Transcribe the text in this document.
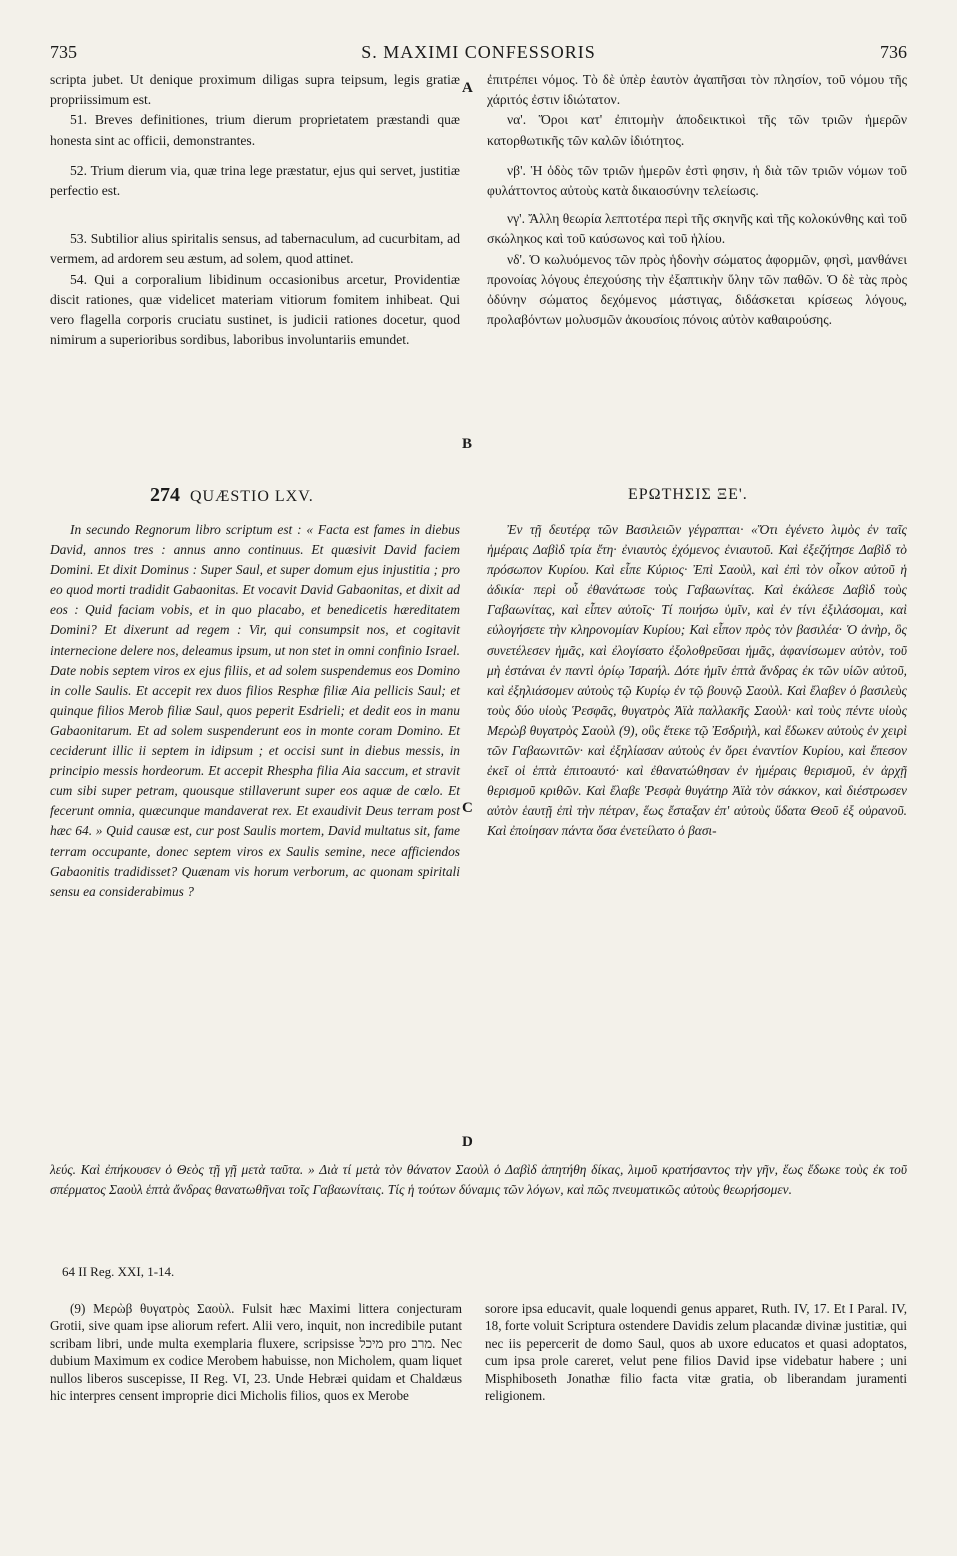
735	S. MAXIMI CONFESSORIS	736

scripta jubet. Ut denique proximum diligas supra teipsum, legis gratiæ propriissimum est.

51. Breves definitiones, trium dierum proprietatem præstandi quæ honesta sint ac officii, demonstrantes.

52. Trium dierum via, quæ trina lege præstatur, ejus qui servet, justitiæ perfectio est.

53. Subtilior alius spiritalis sensus, ad tabernaculum, ad cucurbitam, ad vermem, ad ardorem seu æstum, ad solem, quod attinet.

54. Qui a corporalium libidinum occasionibus arcetur, Providentiæ discit rationes, quæ videlicet materiam vitiorum fomitem inhibeat. Qui vero flagella corporis cruciatu sustinet, is judicii rationes docetur, quod nimirum a superioribus sordibus, laboribus involuntariis emundet.

ἐπιτρέπει νόμος. Τὸ δὲ ὑπὲρ ἑαυτὸν ἀγαπῆσαι τὸν πλησίον, τοῦ νόμου τῆς χάριτός ἐστιν ἰδιώτατον.

να'. Ὅροι κατ' ἐπιτομὴν ἀποδεικτικοὶ τῆς τῶν τριῶν ἡμερῶν κατορθωτικῆς τῶν καλῶν ἰδιότητος.

νβ'. Ἡ ὁδὸς τῶν τριῶν ἡμερῶν ἐστὶ φησιν, ἡ διὰ τῶν τριῶν νόμων τοῦ φυλάττοντος αὐτοὺς κατὰ δικαιοσύνην τελείωσις.

νγ'. Ἄλλη θεωρία λεπτοτέρα περὶ τῆς σκηνῆς καὶ τῆς κολοκύνθης καὶ τοῦ σκώληκος καὶ τοῦ καύσωνος καὶ τοῦ ἡλίου.

νδ'. Ὁ κωλυόμενος τῶν πρὸς ἡδονὴν σώματος ἀφορμῶν, φησὶ, μανθάνει προνοίας λόγους ἐπεχούσης τὴν ἐξαπτικὴν ὕλην τῶν παθῶν. Ὁ δὲ τὰς πρὸς ὀδύνην σώματος δεχόμενος μάστιγας, διδάσκεται κρίσεως λόγους, προλαβόντων μολυσμῶν ἀκουσίοις πόνοις αὐτὸν καθαιρούσης.

A
B
C
D
274 QUÆSTIO LXV.	ΕΡΩΤΗΣΙΣ ΞΕ'.

In secundo Regnorum libro scriptum est : « Facta est fames in diebus David, annos tres : annus anno continuus. Et quæsivit David faciem Domini. Et dixit Dominus : Super Saul, et super domum ejus injustitia ; pro eo quod morti tradidit Gabaonitas. Et vocavit David Gabaonitas, et dixit ad eos : Quid faciam vobis, et in quo placabo, et benedicetis hæreditatem Domini? Et dixerunt ad regem : Vir, qui consumpsit nos, et cogitavit internecione delere nos, deleamus ipsum, ut non stet in omni confinio Israel. Date nobis septem viros ex ejus filiis, et ad solem suspendemus eos Domino in colle Saulis. Et accepit rex duos filios Resphæ filiæ Aia pellicis Saul; et quinque filios Merob filiæ Saul, quos peperit Esdrieli; et dedit eos in manu Gabaonitarum. Et ad solem suspenderunt eos in monte coram Domino. Et ceciderunt illic ii septem in idipsum ; et occisi sunt in diebus messis, in principio messis hordeorum. Et accepit Rhespha filia Aia saccum, et stravit cum sibi super petram, quousque stillaverunt super eos aquæ de cœlo. Et fecerunt omnia, quæcunque mandaverat rex. Et exaudivit Deus terram post hæc 64. » Quid causæ est, cur post Saulis mortem, David multatus sit, fame terram occupante, donec septem viros ex Saulis semine, nece afficiendos Gabaonitis tradidisset? Quænam vis horum verborum, ac quonam spiritali sensu ea considerabimus ?

Ἐν τῇ δευτέρᾳ τῶν Βασιλειῶν γέγραπται· «Ὅτι ἐγένετο λιμὸς ἐν ταῖς ἡμέραις Δαβὶδ τρία ἔτη· ἐνιαυτὸς ἐχόμενος ἐνιαυτοῦ. Καὶ ἐξεζήτησε Δαβὶδ τὸ πρόσωπον Κυρίου. Καὶ εἶπε Κύριος· Ἐπὶ Σαοὺλ, καὶ ἐπὶ τὸν οἶκον αὐτοῦ ἡ ἀδικία· περὶ οὗ ἐθανάτωσε τοὺς Γαβαωνίτας. Καὶ ἐκάλεσε Δαβὶδ τοὺς Γαβαωνίτας, καὶ εἶπεν αὐτοῖς· Τί ποιήσω ὑμῖν, καὶ ἐν τίνι ἐξιλάσομαι, καὶ εὐλογήσετε τὴν κληρονομίαν Κυρίου; Καὶ εἶπον πρὸς τὸν βασιλέα· Ὁ ἀνὴρ, ὃς συνετέλεσεν ἡμᾶς, καὶ ἐλογίσατο ἐξολοθρεῦσαι ἡμᾶς, ἀφανίσωμεν αὐτὸν, τοῦ μὴ ἑστάναι ἐν παντὶ ὁρίῳ Ἰσραήλ. Δότε ἡμῖν ἑπτὰ ἄνδρας ἐκ τῶν υἱῶν αὐτοῦ, καὶ ἐξηλιάσομεν αὐτοὺς τῷ Κυρίῳ ἐν τῷ βουνῷ Σαοὺλ. Καὶ ἔλαβεν ὁ βασιλεὺς τοὺς δύο υἱοὺς Ῥεσφᾶς, θυγατρὸς Ἀϊὰ παλλακῆς Σαοὺλ· καὶ τοὺς πέντε υἱοὺς Μερὼβ θυγατρὸς Σαοὺλ (9), οὓς ἔτεκε τῷ Ἐσδριὴλ, καὶ ἔδωκεν αὐτοὺς ἐν χειρὶ τῶν Γαβαωνιτῶν· καὶ ἐξηλίασαν αὐτοὺς ἐν ὄρει ἐναντίον Κυρίου, καὶ ἔπεσον ἐκεῖ οἱ ἑπτὰ ἐπιτοαυτό· καὶ ἐθανατώθησαν ἐν ἡμέραις θερισμοῦ, ἐν ἀρχῇ θερισμοῦ κριθῶν. Καὶ ἔλαβε Ῥεσφὰ θυγάτηρ Ἀϊὰ τὸν σάκκον, καὶ διέστρωσεν αὐτὸν ἑαυτῇ ἐπὶ τὴν πέτραν, ἕως ἔσταξαν ἐπ' αὐτοὺς ὕδατα Θεοῦ ἐξ οὐρανοῦ. Καὶ ἐποίησαν πάντα ὅσα ἐνετείλατο ὁ βασι-

λεύς. Καὶ ἐπήκουσεν ὁ Θεὸς τῇ γῇ μετὰ ταῦτα. » Διὰ τί μετὰ τὸν θάνατον Σαοὺλ ὁ Δαβὶδ ἀπητήθη δίκας, λιμοῦ κρατήσαντος τὴν γῆν, ἕως ἔδωκε τοὺς ἐκ τοῦ σπέρματος Σαοὺλ ἑπτὰ ἄνδρας θανατωθῆναι τοῖς Γαβαωνίταις. Τίς ἡ τούτων δύναμις τῶν λόγων, καὶ πῶς πνευματικῶς αὐτοὺς θεωρήσομεν.

64 II Reg. XXI, 1-14.

(9) Μερὼβ θυγατρὸς Σαοὺλ. Fulsit hæc Maximi littera conjecturam Grotii, sive quam ipse aliorum refert. Alii vero, inquit, non incredibile putant scribam libri, unde multa exemplaria fluxere, scripsisse מיכל pro מרב. Nec dubium Maximum ex codice Merobem habuisse, non Micholem, quam liquet nullos liberos suscepisse, II Reg. VI, 23. Unde Hebræi quidam et Chaldæus hic interpres censent improprie dici Micholis filios, quos ex Merobe

sorore ipsa educavit, quale loquendi genus apparet, Ruth. IV, 17. Et I Paral. IV, 18, forte voluit Scriptura ostendere Davidis zelum placandæ divinæ justitiæ, qui nec iis pepercerit de domo Saul, quos ab uxore educatos et quasi adoptatos, cum ipsa prole careret, velut pene filios David ipse videbatur habere ; uni Misphiboseth Jonathæ filio facta vitæ gratia, ob liberandam juramenti religionem.
